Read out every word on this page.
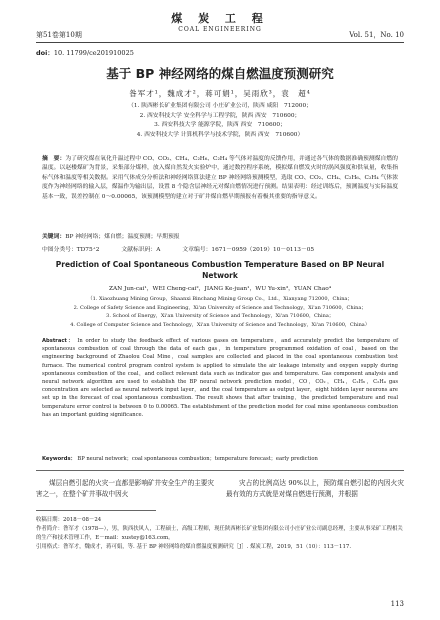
煤 炭 工 程
COAL ENGINEERING
第51卷第10期	Vol. 51，No. 10
doi：10. 11799/ce201910025
基于 BP 神经网络的煤自燃温度预测研究
昝军才¹，魏成才²，蒋可娟¹，吴雨欣³，袁　超⁴
（1. 陕西彬长矿业集团有限公司 小庄矿业公司，陕西 咸阳　712000；
2. 西安科技大学 安全科学与工程学院，陕西 西安　710600；
3. 西安科技大学 能源学院，陕西 西安　710600；
4. 西安科技大学 计算机科学与技术学院，陕西 西安　710600）
摘　要：为了研究煤在氧化升温过程中 CO、CO₂、CH₄、C₂H₆、C₂H₄ 等气体对温度的反馈作用，并通过各气体的数据准确预测煤自燃的温度。以赵楼煤矿为背景，采集部分煤样，放入煤自然发火实验炉中，通过数控程序系统，模拟煤自燃发火时的涡风强度和供氧量，收集指标气体和温度等相关数据。采用气体成分分析法和神经网络算法建立 BP 神经网络预测模型，选取 CO、CO₂、CH₄、C₂H₆、C₂H₄ 气体浓度作为神经网络的输入层，煤温作为输出层，设置 8 个隐含层神经元对煤自燃情况进行预测。结果表明：经过训练后，预测温度与实际温度基本一致，误差控制在 0～0.00065，该预测模型的建立对于矿井煤自燃早期预报有着极其重要的指导意义。
关键词：BP 神经网络；煤自燃；温度预测；早期预报
中图分类号：TD75⁺2	文献标识码：A	文章编号：1671－0959（2019）10－0113－05
Prediction of Coal Spontaneous Combustion Temperature Based on BP Neural Network
ZAN Jun-cai¹，WEI Cheng-cai²，JIANG Ke-juan¹，WU Yu-xin³，YUAN Chao⁴
（1. Xiaozhuang Mining Group，Shaanxi Binchang Mining Group Co.，Ltd.，Xianyang 712000，China；
2. College of Safety Science and Engineering，Xi'an University of Science and Technology，Xi'an 710600，China；
3. School of Energy，Xi'an University of Science and Technology，Xi'an 710600，China；
4. College of Computer Science and Technology，Xi'an University of Science and Technology，Xi'an 710600，China）
Abstract： In order to study the feedback effect of various gases on temperature，and accurately predict the temperature of spontaneous combustion of coal through the data of each gas，in temperature programmed oxidation of coal，based on the engineering background of Zhaolou Coal Mine，coal samples are collected and placed in the coal spontaneous combustion test furnace. The numerical control program control system is applied to simulate the air leakage intensity and oxygen supply during spontaneous combustion of the coal，and collect relevant data such as indicator gas and temperature. Gas component analysis and neural network algorithm are used to establish the BP neural network prediction model，CO，CO₂，CH₄，C₂H₆，C₂H₄ gas concentration are selected as neural network input layer，and the coal temperature as output layer，eight hidden layer neurons are set up in the forecast of coal spontaneous combustion. The result shows that after training，the predicted temperature and real temperature error control is between 0 to 0.00065. The establishment of the prediction model for coal mine spontaneous combustion has an important guiding significance.
Keywords： BP neural network；coal spontaneous combustion；temperature forecast；early prediction
煤层自燃引起的火灾一直都是影响矿井安全生产的主要灾害之一，在整个矿井事故中因火
灾占的比例高达 90%以上，预防煤自燃引起的内因火灾最有效的方式就是对煤自燃进行预测，并根据
收稿日期：2018－08－24
作者简介：昝军才（1978—），男，陕西扶风人，工程硕士，高级工程师，现任陕西彬长矿业集团有限公司小庄矿业公司副总经理，主要从事采矿工程相关的生产和技术管理工作，E－mail：xustey@163.com。
引用格式：昝军才，魏成才，蒋可娟，等. 基于 BP 神经网络的煤自燃温度预测研究［J］. 煤炭工程，2019，51（10）：113－117.
113
